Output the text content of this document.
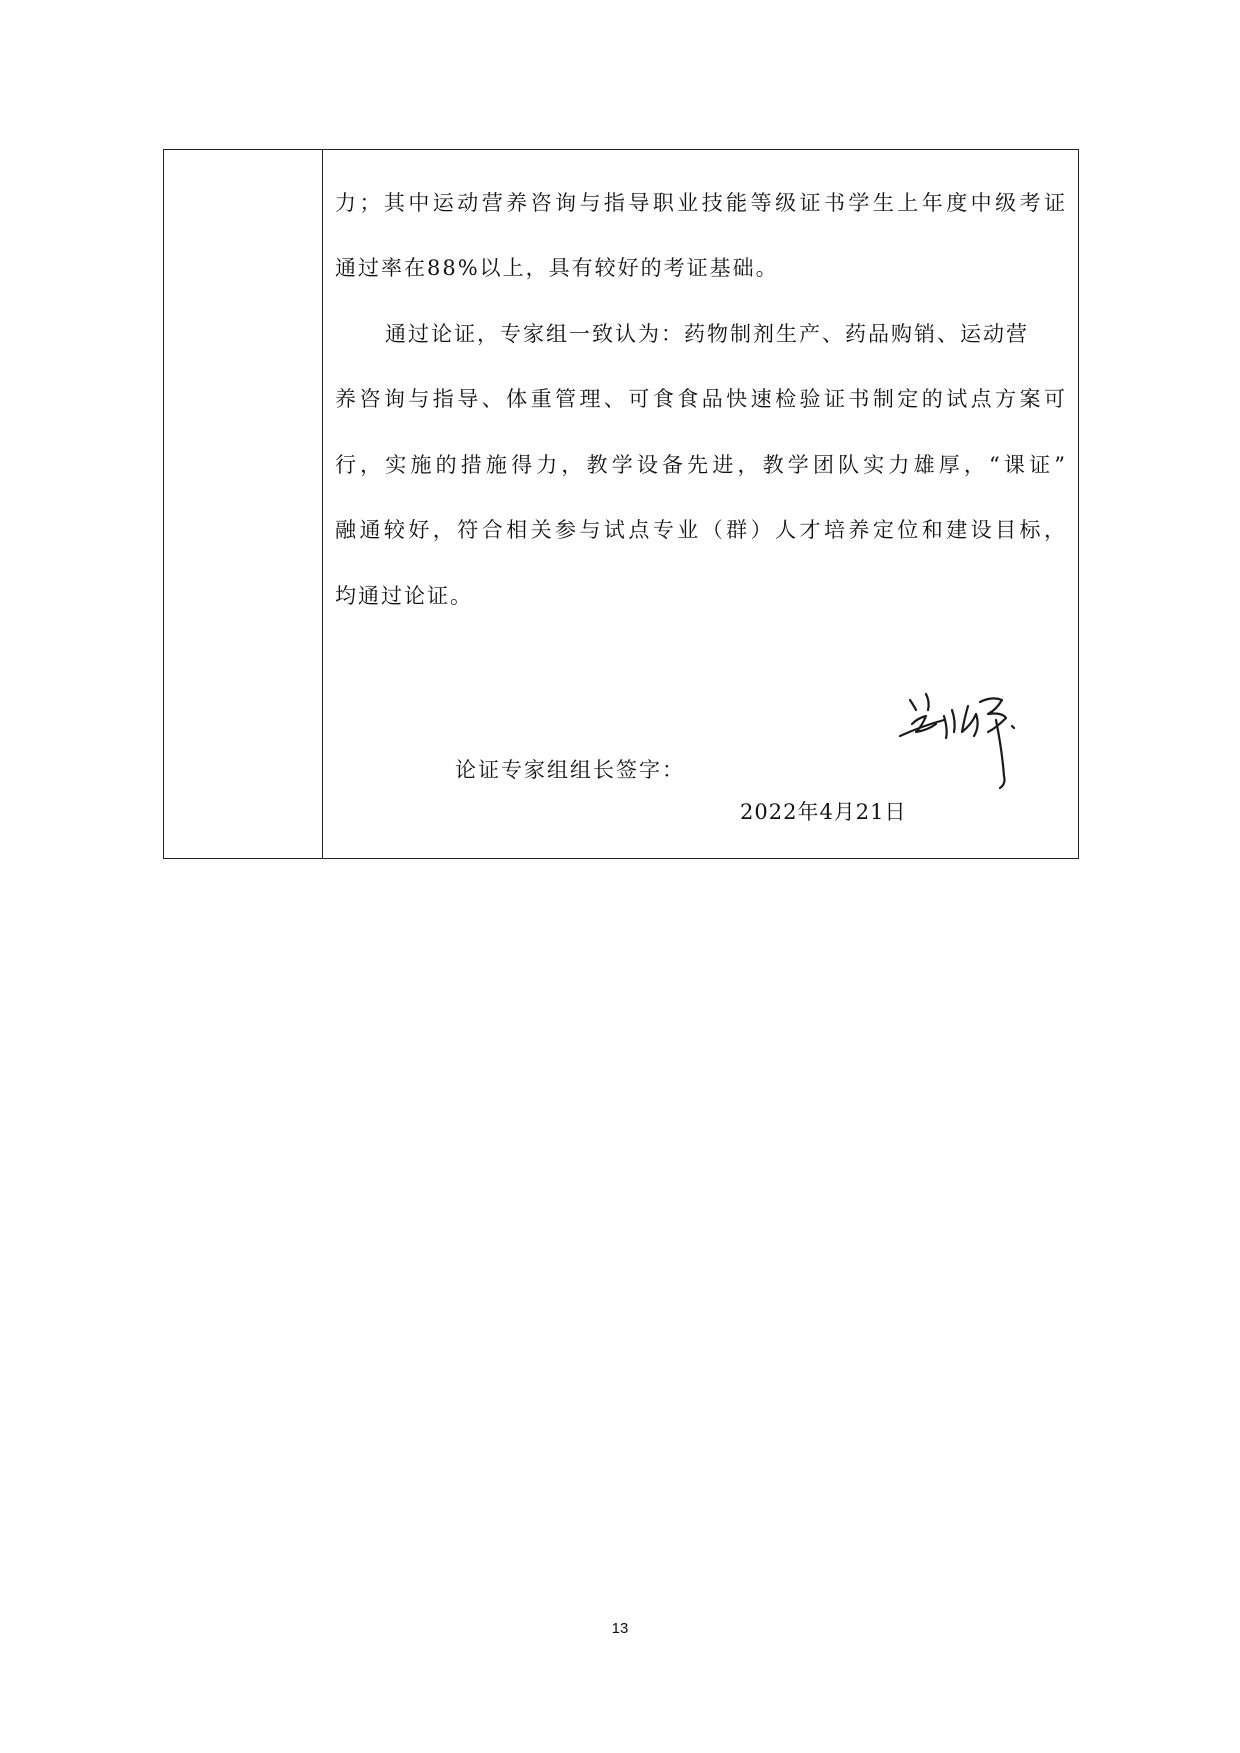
力；其中运动营养咨询与指导职业技能等级证书学生上年度中级考证
通过率在88%以上，具有较好的考证基础。
通过论证，专家组一致认为：药物制剂生产、药品购销、运动营
养咨询与指导、体重管理、可食食品快速检验证书制定的试点方案可
行，实施的措施得力，教学设备先进，教学团队实力雄厚，“课证”
融通较好，符合相关参与试点专业（群）人才培养定位和建设目标，
均通过论证。
论证专家组组长签字：
2022年4月21日
13
